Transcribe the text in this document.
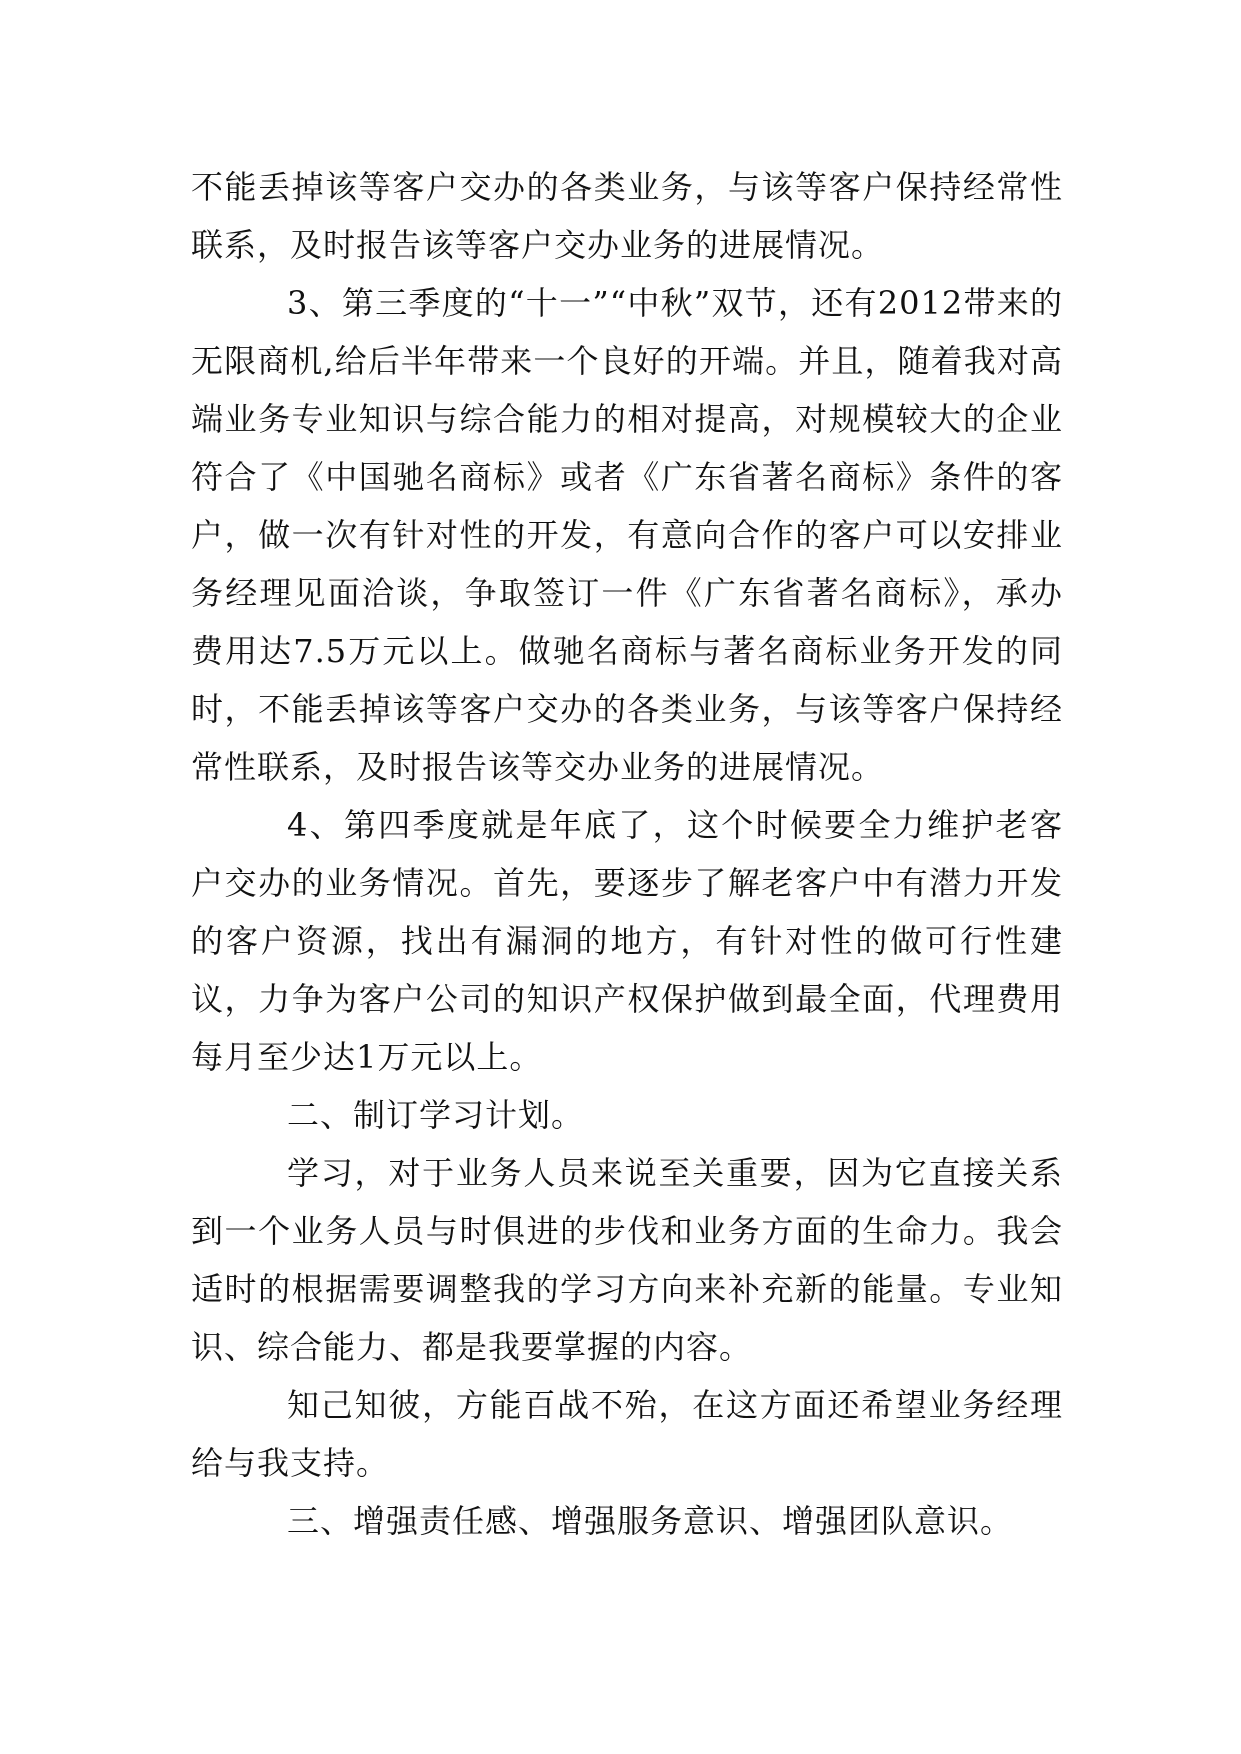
不能丢掉该等客户交办的各类业务，与该等客户保持经常性联系，及时报告该等客户交办业务的进展情况。

3、第三季度的“十一”“中秋”双节，还有2012带来的无限商机,给后半年带来一个良好的开端。并且，随着我对高端业务专业知识与综合能力的相对提高，对规模较大的企业符合了《中国驰名商标》或者《广东省著名商标》条件的客户，做一次有针对性的开发，有意向合作的客户可以安排业务经理见面洽谈，争取签订一件《广东省著名商标》，承办费用达7.5万元以上。做驰名商标与著名商标业务开发的同时，不能丢掉该等客户交办的各类业务，与该等客户保持经常性联系，及时报告该等交办业务的进展情况。

4、第四季度就是年底了，这个时候要全力维护老客户交办的业务情况。首先，要逐步了解老客户中有潜力开发的客户资源，找出有漏洞的地方，有针对性的做可行性建议，力争为客户公司的知识产权保护做到最全面，代理费用每月至少达1万元以上。

二、制订学习计划。

学习，对于业务人员来说至关重要，因为它直接关系到一个业务人员与时俱进的步伐和业务方面的生命力。我会适时的根据需要调整我的学习方向来补充新的能量。专业知识、综合能力、都是我要掌握的内容。

知己知彼，方能百战不殆，在这方面还希望业务经理给与我支持。

三、增强责任感、增强服务意识、增强团队意识。
